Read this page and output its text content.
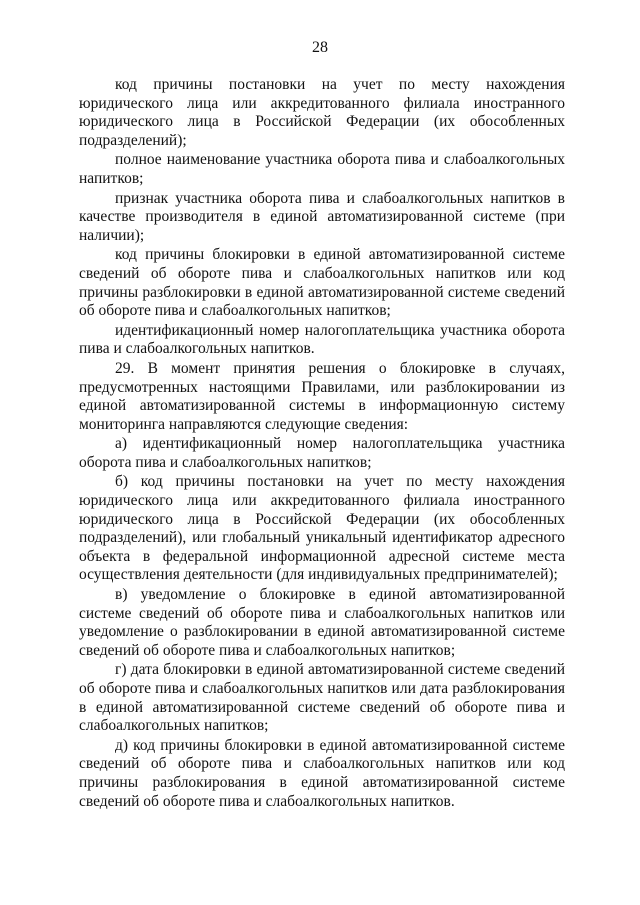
28

код причины постановки на учет по месту нахождения юридического лица или аккредитованного филиала иностранного юридического лица в Российской Федерации (их обособленных подразделений);

полное наименование участника оборота пива и слабоалкогольных напитков;

признак участника оборота пива и слабоалкогольных напитков в качестве производителя в единой автоматизированной системе (при наличии);

код причины блокировки в единой автоматизированной системе сведений об обороте пива и слабоалкогольных напитков или код причины разблокировки в единой автоматизированной системе сведений об обороте пива и слабоалкогольных напитков;

идентификационный номер налогоплательщика участника оборота пива и слабоалкогольных напитков.

29. В момент принятия решения о блокировке в случаях, предусмотренных настоящими Правилами, или разблокировании из единой автоматизированной системы в информационную систему мониторинга направляются следующие сведения:

а) идентификационный номер налогоплательщика участника оборота пива и слабоалкогольных напитков;

б) код причины постановки на учет по месту нахождения юридического лица или аккредитованного филиала иностранного юридического лица в Российской Федерации (их обособленных подразделений), или глобальный уникальный идентификатор адресного объекта в федеральной информационной адресной системе места осуществления деятельности (для индивидуальных предпринимателей);

в) уведомление о блокировке в единой автоматизированной системе сведений об обороте пива и слабоалкогольных напитков или уведомление о разблокировании в единой автоматизированной системе сведений об обороте пива и слабоалкогольных напитков;

г) дата блокировки в единой автоматизированной системе сведений об обороте пива и слабоалкогольных напитков или дата разблокирования в единой автоматизированной системе сведений об обороте пива и слабоалкогольных напитков;

д) код причины блокировки в единой автоматизированной системе сведений об обороте пива и слабоалкогольных напитков или код причины разблокирования в единой автоматизированной системе сведений об обороте пива и слабоалкогольных напитков.
